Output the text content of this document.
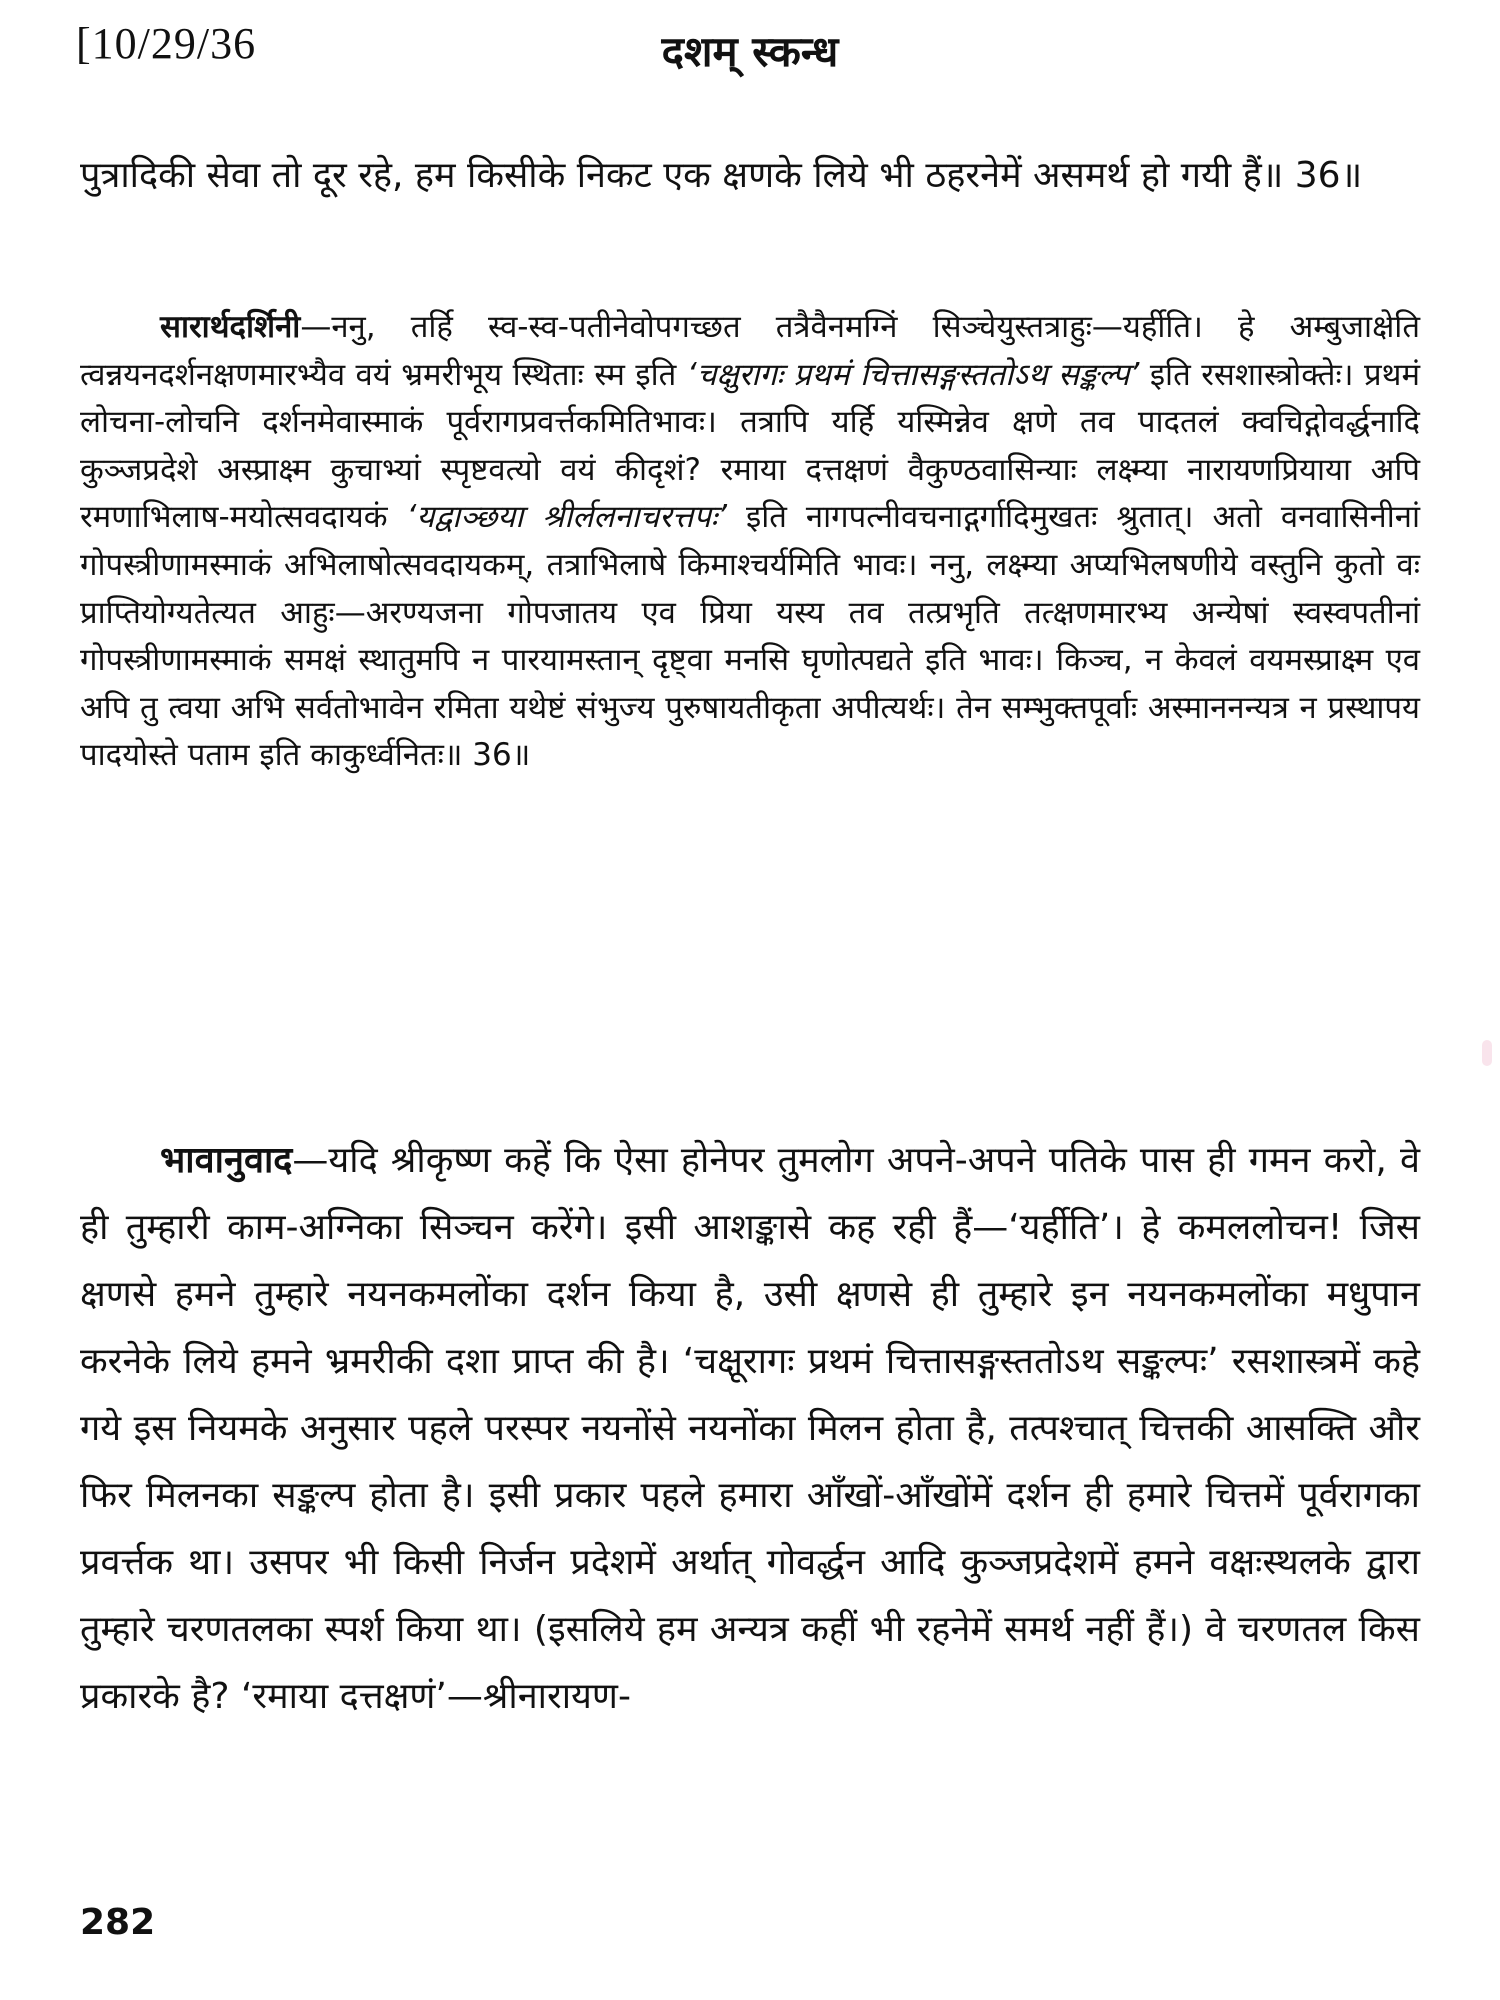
[10/29/36	दशम् स्कन्ध
पुत्रादिकी सेवा तो दूर रहे, हम किसीके निकट एक क्षणके लिये भी ठहरनेमें असमर्थ हो गयी हैं॥ 36॥
सारार्थदर्शिनी—ननु, तर्हि स्व-स्व-पतीनेवोपगच्छत तत्रैवैनमग्निं सिञ्चेयुस्तत्राहुः—यर्हीति। हे अम्बुजाक्षेति त्वन्नयनदर्शनक्षणमारभ्यैव वयं भ्रमरीभूय स्थिताः स्म इति ‘चक्षुरागः प्रथमं चित्तासङ्गस्ततोऽथ सङ्कल्प’ इति रसशास्त्रोक्तेः। प्रथमं लोचना-लोचनि दर्शनमेवास्माकं पूर्वरागप्रवर्त्तकमितिभावः। तत्रापि यर्हि यस्मिन्नेव क्षणे तव पादतलं क्वचिद्गोवर्द्धनादि कुञ्जप्रदेशे अस्प्राक्ष्म कुचाभ्यां स्पृष्टवत्यो वयं कीदृशं? रमाया दत्तक्षणं वैकुण्ठवासिन्याः लक्ष्म्या नारायणप्रियाया अपि रमणाभिलाष-मयोत्सवदायकं ‘यद्वाञ्छया श्रीर्ललनाचरत्तपः’ इति नागपत्नीवचनाद्गर्गादिमुखतः श्रुतात्। अतो वनवासिनीनां गोपस्त्रीणामस्माकं अभिलाषोत्सवदायकम्, तत्राभिलाषे किमाश्चर्यमिति भावः। ननु, लक्ष्म्या अप्यभिलषणीये वस्तुनि कुतो वः प्राप्तियोग्यतेत्यत आहुः—अरण्यजना गोपजातय एव प्रिया यस्य तव तत्प्रभृति तत्क्षणमारभ्य अन्येषां स्वस्वपतीनां गोपस्त्रीणामस्माकं समक्षं स्थातुमपि न पारयामस्तान् दृष्ट्वा मनसि घृणोत्पद्यते इति भावः। किञ्च, न केवलं वयमस्प्राक्ष्म एव अपि तु त्वया अभि सर्वतोभावेन रमिता यथेष्टं संभुज्य पुरुषायतीकृता अपीत्यर्थः। तेन सम्भुक्तपूर्वाः अस्माननन्यत्र न प्रस्थापय पादयोस्ते पताम इति काकुर्ध्वनितः॥ 36॥
भावानुवाद—यदि श्रीकृष्ण कहें कि ऐसा होनेपर तुमलोग अपने-अपने पतिके पास ही गमन करो, वे ही तुम्हारी काम-अग्निका सिञ्चन करेंगे। इसी आशङ्कासे कह रही हैं—‘यर्हीति’। हे कमललोचन! जिस क्षणसे हमने तुम्हारे नयनकमलोंका दर्शन किया है, उसी क्षणसे ही तुम्हारे इन नयनकमलोंका मधुपान करनेके लिये हमने भ्रमरीकी दशा प्राप्त की है। ‘चक्षूरागः प्रथमं चित्तासङ्गस्ततोऽथ सङ्कल्पः’ रसशास्त्रमें कहे गये इस नियमके अनुसार पहले परस्पर नयनोंसे नयनोंका मिलन होता है, तत्पश्चात् चित्तकी आसक्ति और फिर मिलनका सङ्कल्प होता है। इसी प्रकार पहले हमारा आँखों-आँखोंमें दर्शन ही हमारे चित्तमें पूर्वरागका प्रवर्त्तक था। उसपर भी किसी निर्जन प्रदेशमें अर्थात् गोवर्द्धन आदि कुञ्जप्रदेशमें हमने वक्षःस्थलके द्वारा तुम्हारे चरणतलका स्पर्श किया था। (इसलिये हम अन्यत्र कहीं भी रहनेमें समर्थ नहीं हैं।) वे चरणतल किस प्रकारके है? ‘रमाया दत्तक्षणं’—श्रीनारायण-
282
